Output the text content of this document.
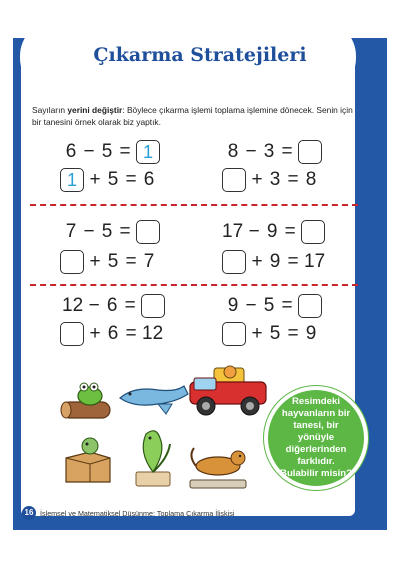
Çıkarma Stratejileri
Sayıların yerini değiştir: Böylece çıkarma işlemi toplama işlemine dönecek. Senin için bir tanesini örnek olarak biz yaptık.
6 − 5 = 1
1 + 5 = 6
8 − 3 =
+ 3 = 8
7 − 5 =
+ 5 = 7
17 − 9 =
+ 9 = 17
12 − 6 =
+ 6 = 12
9 − 5 =
+ 5 = 9
Resimdeki hayvanların bir tanesi, bir yönüyle diğerlerinden farklıdır. Bulabilir misin?
16 İşlemsel ve Matematiksel Düşünme: Toplama Çıkarma İlişkisi
